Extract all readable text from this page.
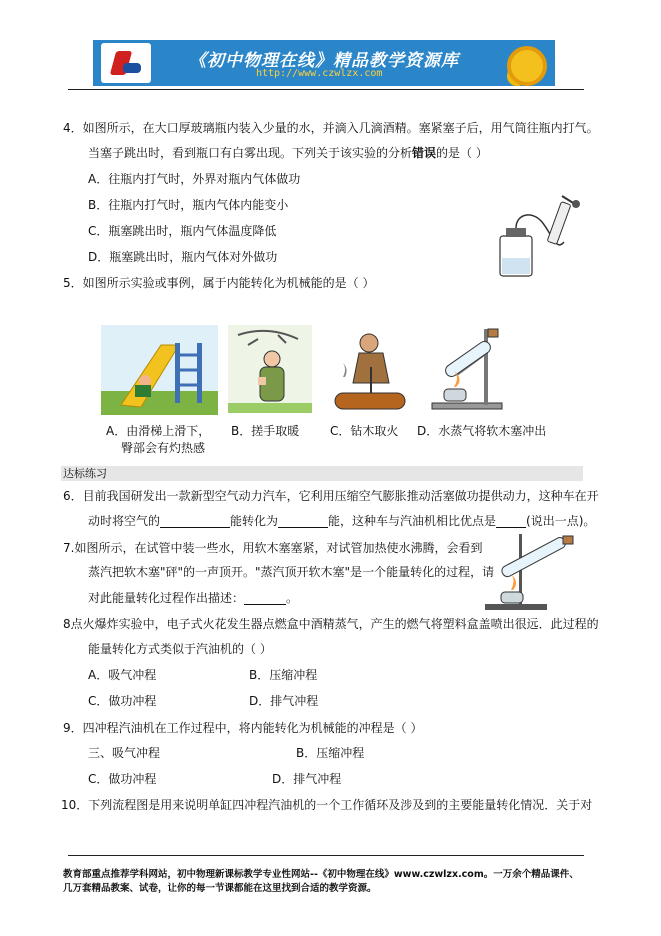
《初中物理在线》精品教学资源库
http://www.czwlzx.com
4．如图所示，在大口厚玻璃瓶内装入少量的水，并滴入几滴酒精。塞紧塞子后，用气筒往瓶内打气。
当塞子跳出时，看到瓶口有白雾出现。下列关于该实验的分析错误的是（ ）
A．往瓶内打气时，外界对瓶内气体做功
B．往瓶内打气时，瓶内气体内能变小
C．瓶塞跳出时，瓶内气体温度降低
D．瓶塞跳出时，瓶内气体对外做功
5．如图所示实验或事例，属于内能转化为机械能的是（ ）
A．由滑梯上滑下，
臀部会有灼热感
B．搓手取暖	C．钻木取火 D．水蒸气将软木塞冲出
达标练习
6．目前我国研发出一款新型空气动力汽车，它利用压缩空气膨胀推动活塞做功提供动力，这种车在开
动时将空气的	能转化为	能，这种车与汽油机相比优点是	(说出一点)。
7.如图所示，在试管中装一些水，用软木塞塞紧，对试管加热使水沸腾，会看到
蒸汽把软木塞"砰"的一声顶开。"蒸汽顶开软木塞"是一个能量转化的过程，请
对此能量转化过程作出描述：	。
8点火爆炸实验中，电子式火花发生器点燃盒中酒精蒸气，产生的燃气将塑料盒盖喷出很远．此过程的
能量转化方式类似于汽油机的（ ）
A．吸气冲程	B．压缩冲程
C．做功冲程	D．排气冲程
9．四冲程汽油机在工作过程中，将内能转化为机械能的冲程是（ ）
三、吸气冲程	B．压缩冲程
C．做功冲程	D．排气冲程
10．下列流程图是用来说明单缸四冲程汽油机的一个工作循环及涉及到的主要能量转化情况．关于对
教育部重点推荐学科网站，初中物理新课标教学专业性网站--《初中物理在线》www.czwlzx.com。一万余个精品课件、
几万套精品教案、试卷，让你的每一节课都能在这里找到合适的教学资源。
